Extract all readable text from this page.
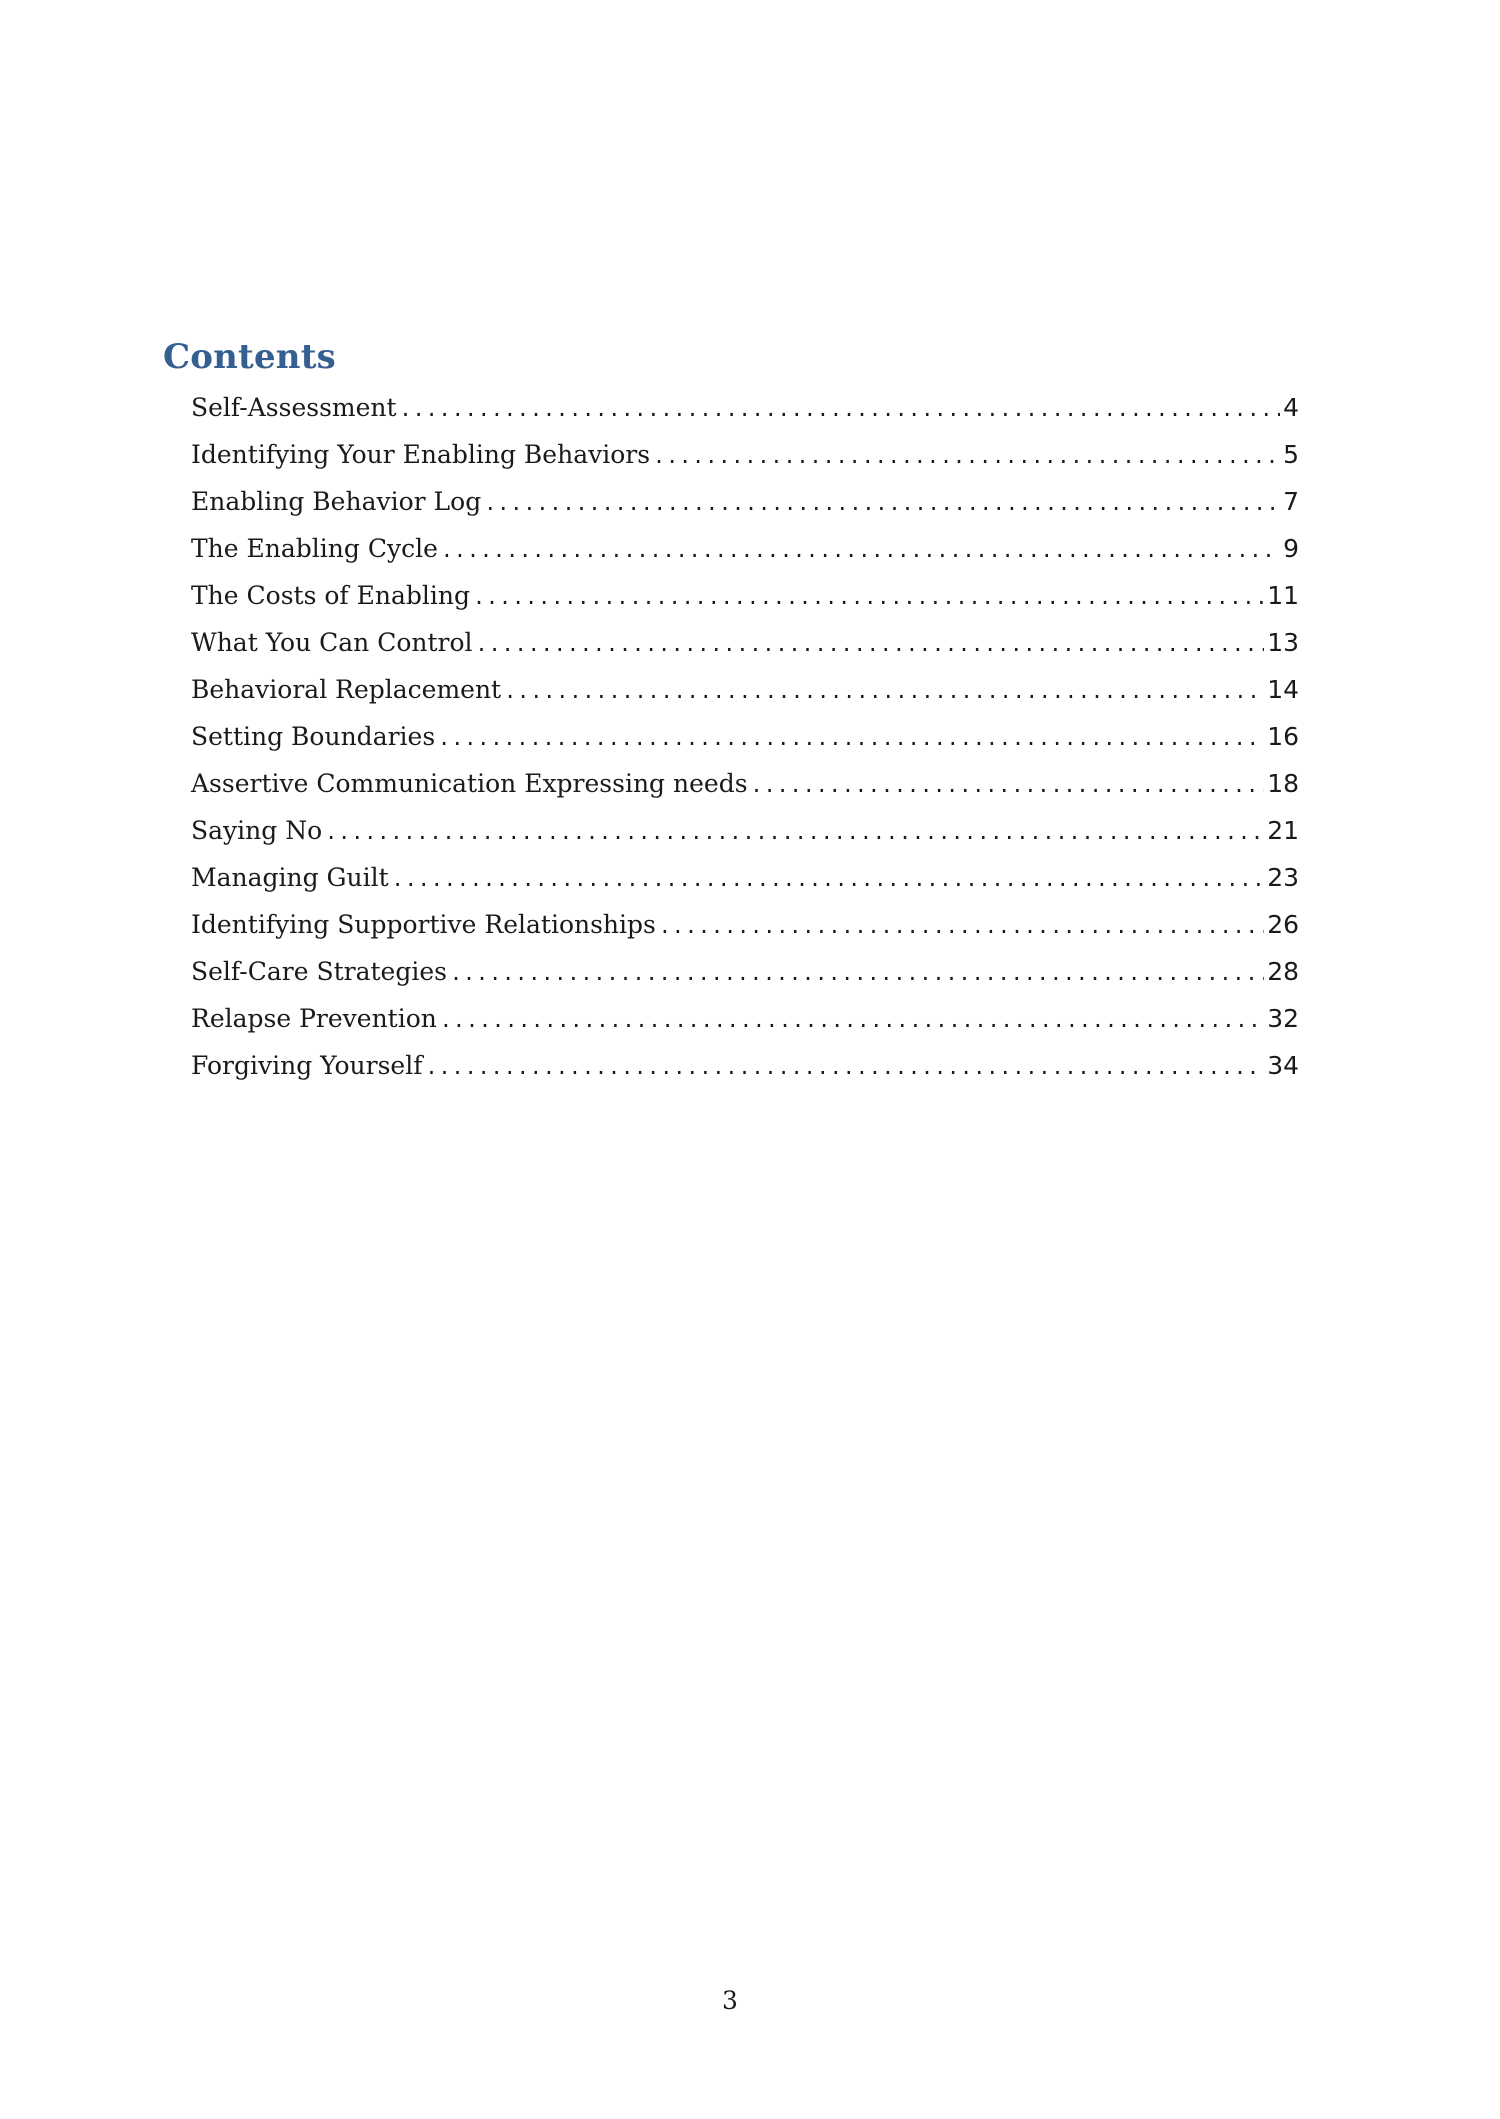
Contents
Self-Assessment .....	4
Identifying Your Enabling Behaviors .....	5
Enabling Behavior Log .....	7
The Enabling Cycle .....	9
The Costs of Enabling .....	11
What You Can Control .....	13
Behavioral Replacement .....	14
Setting Boundaries .....	16
Assertive Communication Expressing needs .....	18
Saying No .....	21
Managing Guilt .....	23
Identifying Supportive Relationships .....	26
Self-Care Strategies .....	28
Relapse Prevention .....	32
Forgiving Yourself .....	34
3
